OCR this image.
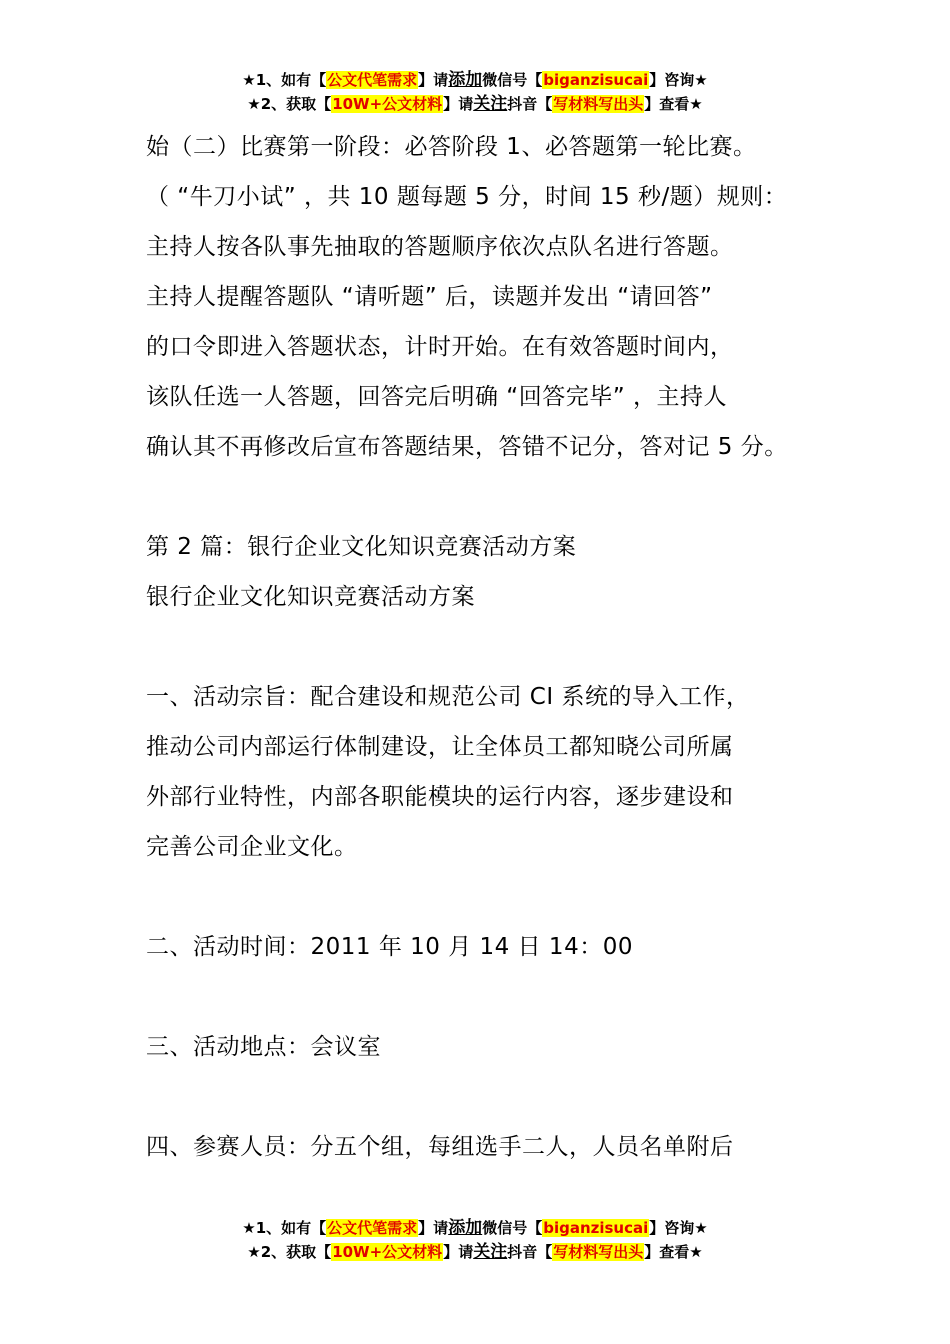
★1、如有【公文代笔需求】请添加微信号【biganzisucai】咨询★
★2、获取【10W+公文材料】请关注抖音【写材料写出头】查看★
始（二）比赛第一阶段：必答阶段 1、必答题第一轮比赛。
（ “牛刀小试” ，共 10 题每题 5 分，时间 15 秒/题）规则：
主持人按各队事先抽取的答题顺序依次点队名进行答题。
主持人提醒答题队 “请听题” 后，读题并发出 “请回答”
的口令即进入答题状态，计时开始。在有效答题时间内，
该队任选一人答题，回答完后明确 “回答完毕” ，主持人
确认其不再修改后宣布答题结果，答错不记分，答对记 5 分。
第 2 篇：银行企业文化知识竞赛活动方案
银行企业文化知识竞赛活动方案
一、活动宗旨：配合建设和规范公司 CI 系统的导入工作，
推动公司内部运行体制建设，让全体员工都知晓公司所属
外部行业特性，内部各职能模块的运行内容，逐步建设和
完善公司企业文化。
二、活动时间：2011 年 10 月 14 日 14：00
三、活动地点：会议室
四、参赛人员：分五个组，每组选手二人，人员名单附后
★1、如有【公文代笔需求】请添加微信号【biganzisucai】咨询★
★2、获取【10W+公文材料】请关注抖音【写材料写出头】查看★
